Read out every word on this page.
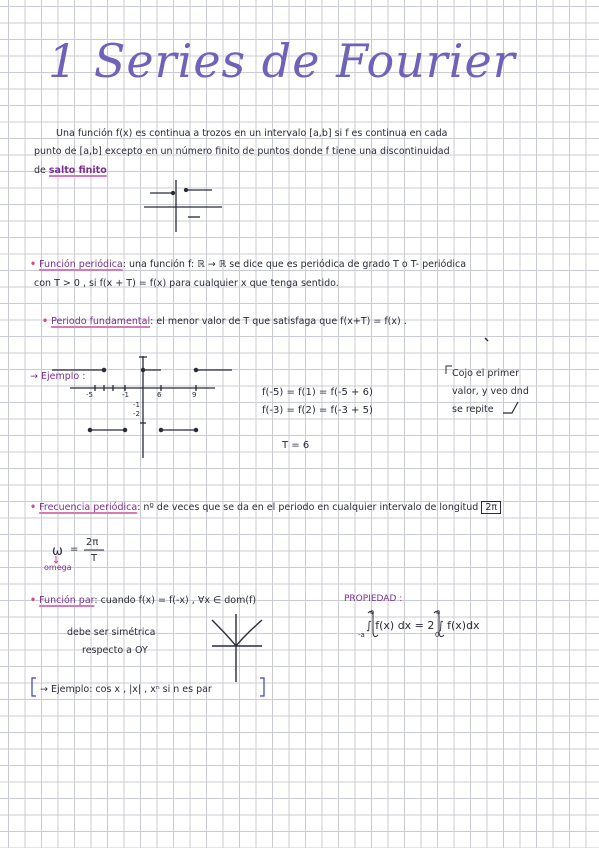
1 Series de Fourier
Una función f(x) es continua a trozos en un intervalo [a,b] si f es continua en cada
punto de [a,b] excepto en un número finito de puntos donde f tiene una discontinuidad
de salto finito
• Función periódica: una función f: ℝ → ℝ se dice que es periódica de grado T o T- periódica
con T > 0 , si f(x + T) = f(x) para cualquier x que tenga sentido.
• Periodo fundamental: el menor valor de T que satisfaga que f(x+T) = f(x) .
→ Ejemplo :
f(-5) = f(1) = f(-5 + 6)
f(-3) = f(2) = f(-3 + 5)
T = 6
Cojo el primer
valor, y veo dnd
se repite
-5	-1	6	9
-1
-2
• Frecuencia periódica: nº de veces que se da en el periodo en cualquier intervalo de longitud 2π
ω =
2π
T
omega
• Función par: cuando f(x) = f(-x) , ∀x ∈ dom(f)
debe ser simétrica
respecto a OY
→ Ejemplo: cos x , |x| , xⁿ si n es par
PROPIEDAD :
∫ f(x) dx = 2 ∫ f(x)dx
-a
a
0
a
